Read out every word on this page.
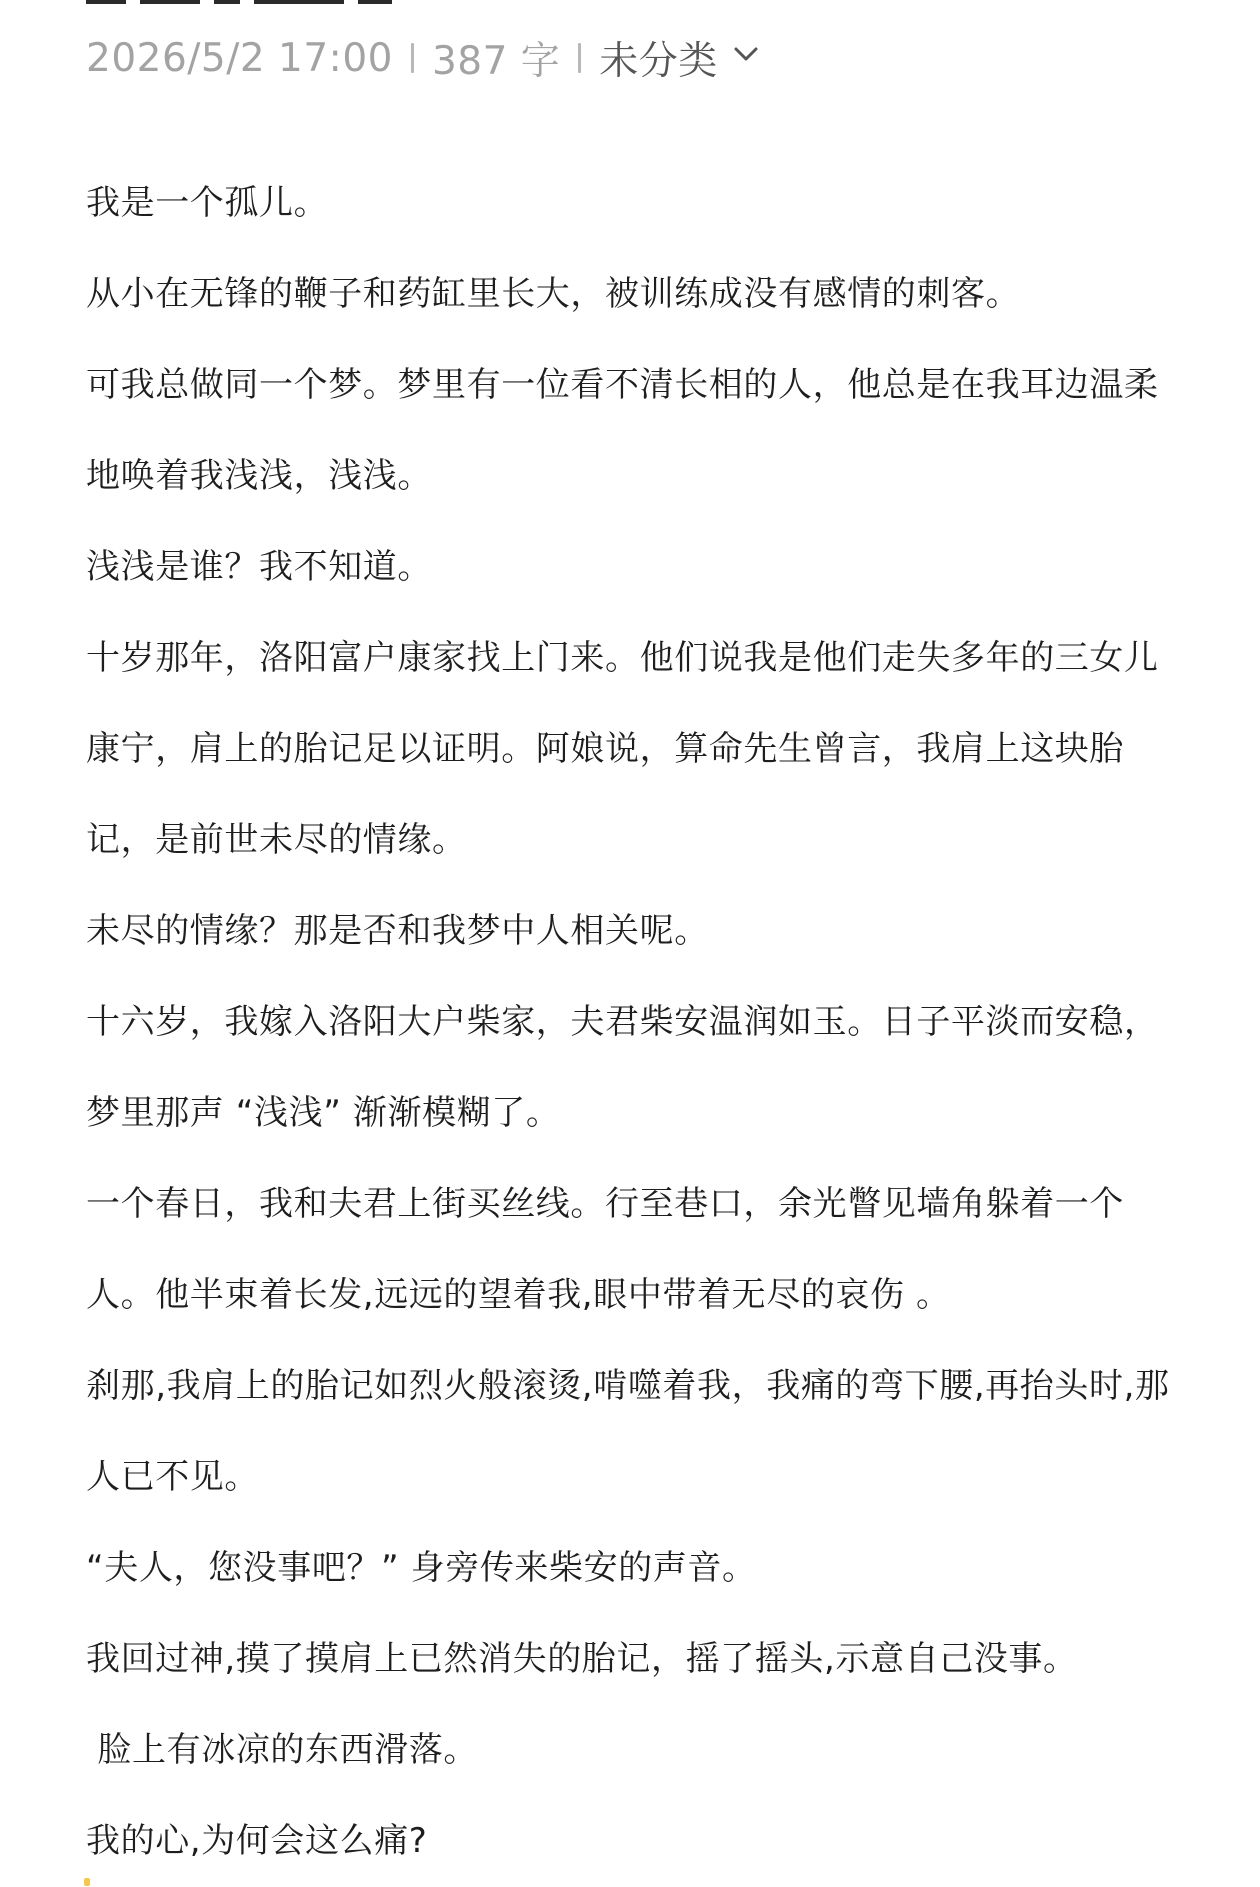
2026/5/2 17:00 387 字 未分类

我是一个孤儿。

从小在无锋的鞭子和药缸里长大，被训练成没有感情的刺客。

可我总做同一个梦。梦里有一位看不清长相的人，他总是在我耳边温柔地唤着我浅浅，浅浅。

浅浅是谁？我不知道。

十岁那年，洛阳富户康家找上门来。他们说我是他们走失多年的三女儿康宁，肩上的胎记足以证明。阿娘说，算命先生曾言，我肩上这块胎记，是前世未尽的情缘。

未尽的情缘？那是否和我梦中人相关呢。

十六岁，我嫁入洛阳大户柴家，夫君柴安温润如玉。日子平淡而安稳，梦里那声 “浅浅” 渐渐模糊了。

一个春日，我和夫君上街买丝线。行至巷口，余光瞥见墙角躲着一个人。他半束着长发,远远的望着我,眼中带着无尽的哀伤 。

刹那,我肩上的胎记如烈火般滚烫,啃噬着我，我痛的弯下腰,再抬头时,那人已不见。

“夫人，您没事吧？” 身旁传来柴安的声音。

我回过神,摸了摸肩上已然消失的胎记，摇了摇头,示意自己没事。

脸上有冰凉的东西滑落。

我的心,为何会这么痛?
